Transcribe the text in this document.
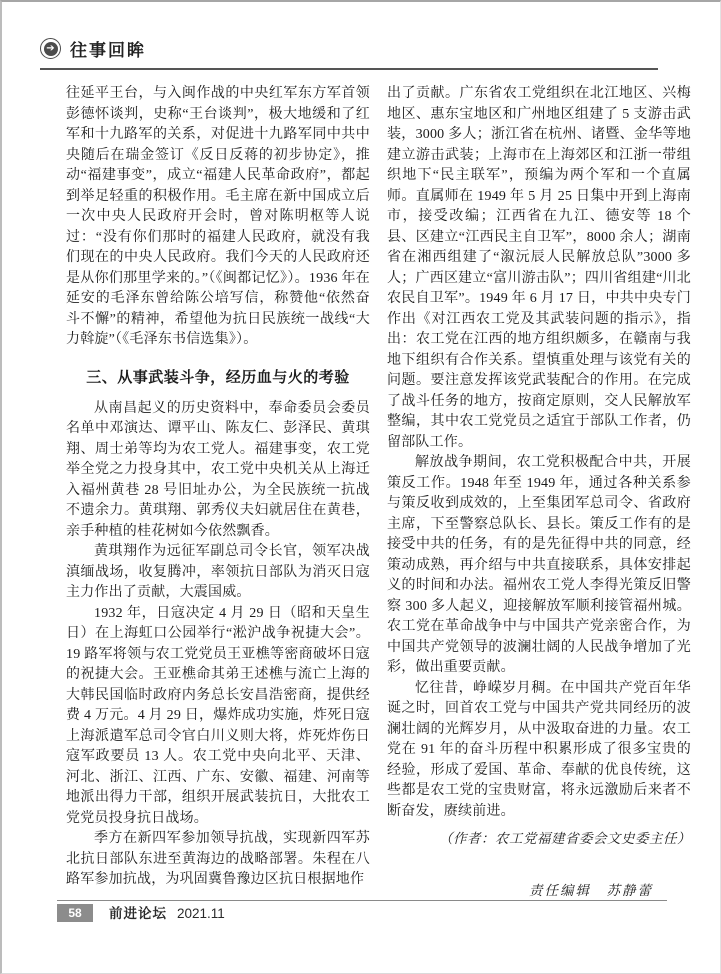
➔ 往事回眸

往延平王台，与入闽作战的中央红军东方军首领彭德怀谈判，史称“王台谈判”，极大地缓和了红军和十九路军的关系，对促进十九路军同中共中央随后在瑞金签订《反日反蒋的初步协定》，推动“福建事变”，成立“福建人民革命政府”，都起到举足轻重的积极作用。毛主席在新中国成立后一次中央人民政府开会时，曾对陈明枢等人说过：“没有你们那时的福建人民政府，就没有我们现在的中央人民政府。我们今天的人民政府还是从你们那里学来的。”（《闽都记忆》）。1936 年在延安的毛泽东曾给陈公培写信，称赞他“依然奋斗不懈”的精神，希望他为抗日民族统一战线“大力斡旋”（《毛泽东书信选集》）。

三、从事武装斗争，经历血与火的考验

从南昌起义的历史资料中，奉命委员会委员名单中邓演达、谭平山、陈友仁、彭泽民、黄琪翔、周士弟等均为农工党人。福建事变，农工党举全党之力投身其中，农工党中央机关从上海迁入福州黄巷 28 号旧址办公，为全民族统一抗战不遗余力。黄琪翔、郭秀仪夫妇就居住在黄巷，亲手种植的桂花树如今依然飘香。

黄琪翔作为远征军副总司令长官，领军决战滇缅战场，收复腾冲，率领抗日部队为消灭日寇主力作出了贡献，大震国威。

1932 年，日寇决定 4 月 29 日（昭和天皇生日）在上海虹口公园举行“淞沪战争祝捷大会”。19 路军将领与农工党党员王亚樵等密商破坏日寇的祝捷大会。王亚樵命其弟王述樵与流亡上海的大韩民国临时政府内务总长安昌浩密商，提供经费 4 万元。4 月 29 日，爆炸成功实施，炸死日寇上海派遣军总司令官白川义则大将，炸死炸伤日寇军政要员 13 人。农工党中央向北平、天津、河北、浙江、江西、广东、安徽、福建、河南等地派出得力干部，组织开展武装抗日，大批农工党党员投身抗日战场。

季方在新四军参加领导抗战，实现新四军苏北抗日部队东进至黄海边的战略部署。朱程在八路军参加抗战，为巩固冀鲁豫边区抗日根据地作

出了贡献。广东省农工党组织在北江地区、兴梅地区、惠东宝地区和广州地区组建了 5 支游击武装，3000 多人；浙江省在杭州、诸暨、金华等地建立游击武装；上海市在上海郊区和江浙一带组织地下“民主联军”，预编为两个军和一个直属师。直属师在 1949 年 5 月 25 日集中开到上海南市，接受改编；江西省在九江、德安等 18 个县、区建立“江西民主自卫军”，8000 余人；湖南省在湘西组建了“溆沅辰人民解放总队”3000 多人；广西区建立“富川游击队”；四川省组建“川北农民自卫军”。1949 年 6 月 17 日，中共中央专门作出《对江西农工党及其武装问题的指示》，指出：农工党在江西的地方组织颇多，在赣南与我地下组织有合作关系。望慎重处理与该党有关的问题。要注意发挥该党武装配合的作用。在完成了战斗任务的地方，按商定原则，交人民解放军整编，其中农工党党员之适宜于部队工作者，仍留部队工作。

解放战争期间，农工党积极配合中共，开展策反工作。1948 年至 1949 年，通过各种关系参与策反收到成效的，上至集团军总司令、省政府主席，下至警察总队长、县长。策反工作有的是接受中共的任务，有的是先征得中共的同意，经策动成熟，再介绍与中共直接联系，具体安排起义的时间和办法。福州农工党人李得光策反旧警察 300 多人起义，迎接解放军顺利接管福州城。农工党在革命战争中与中国共产党亲密合作，为中国共产党领导的波澜壮阔的人民战争增加了光彩，做出重要贡献。

忆往昔，峥嵘岁月稠。在中国共产党百年华诞之时，回首农工党与中国共产党共同经历的波澜壮阔的光辉岁月，从中汲取奋进的力量。农工党在 91 年的奋斗历程中积累形成了很多宝贵的经验，形成了爱国、革命、奉献的优良传统，这些都是农工党的宝贵财富，将永远激励后来者不断奋发，赓续前进。

（作者：农工党福建省委会文史委主任）
责任编辑　苏静蕾
58	前进论坛 2021.11
